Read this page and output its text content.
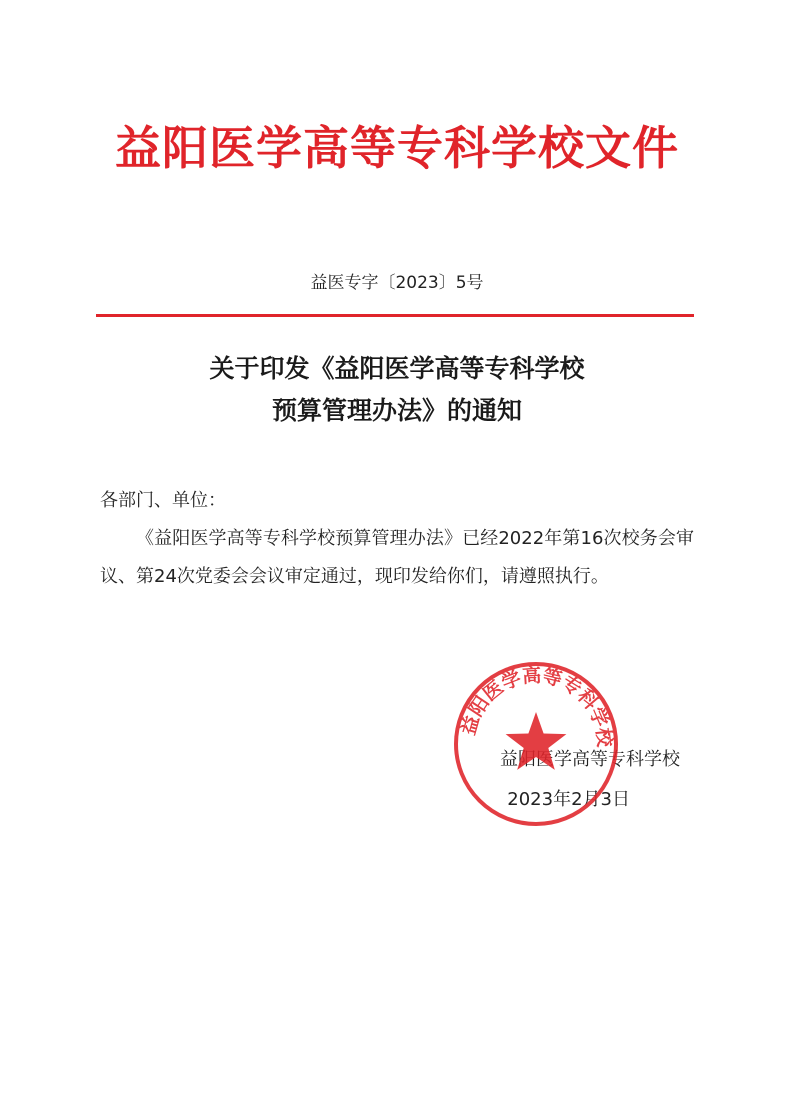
益阳医学高等专科学校文件
益医专字〔2023〕5号
关于印发《益阳医学高等专科学校
预算管理办法》的通知
各部门、单位：
《益阳医学高等专科学校预算管理办法》已经2022年第16次校务会审议、第24次党委会会议审定通过，现印发给你们，请遵照执行。
益阳医学高等专科学校
2023年2月3日
益阳医学高等专科学校
